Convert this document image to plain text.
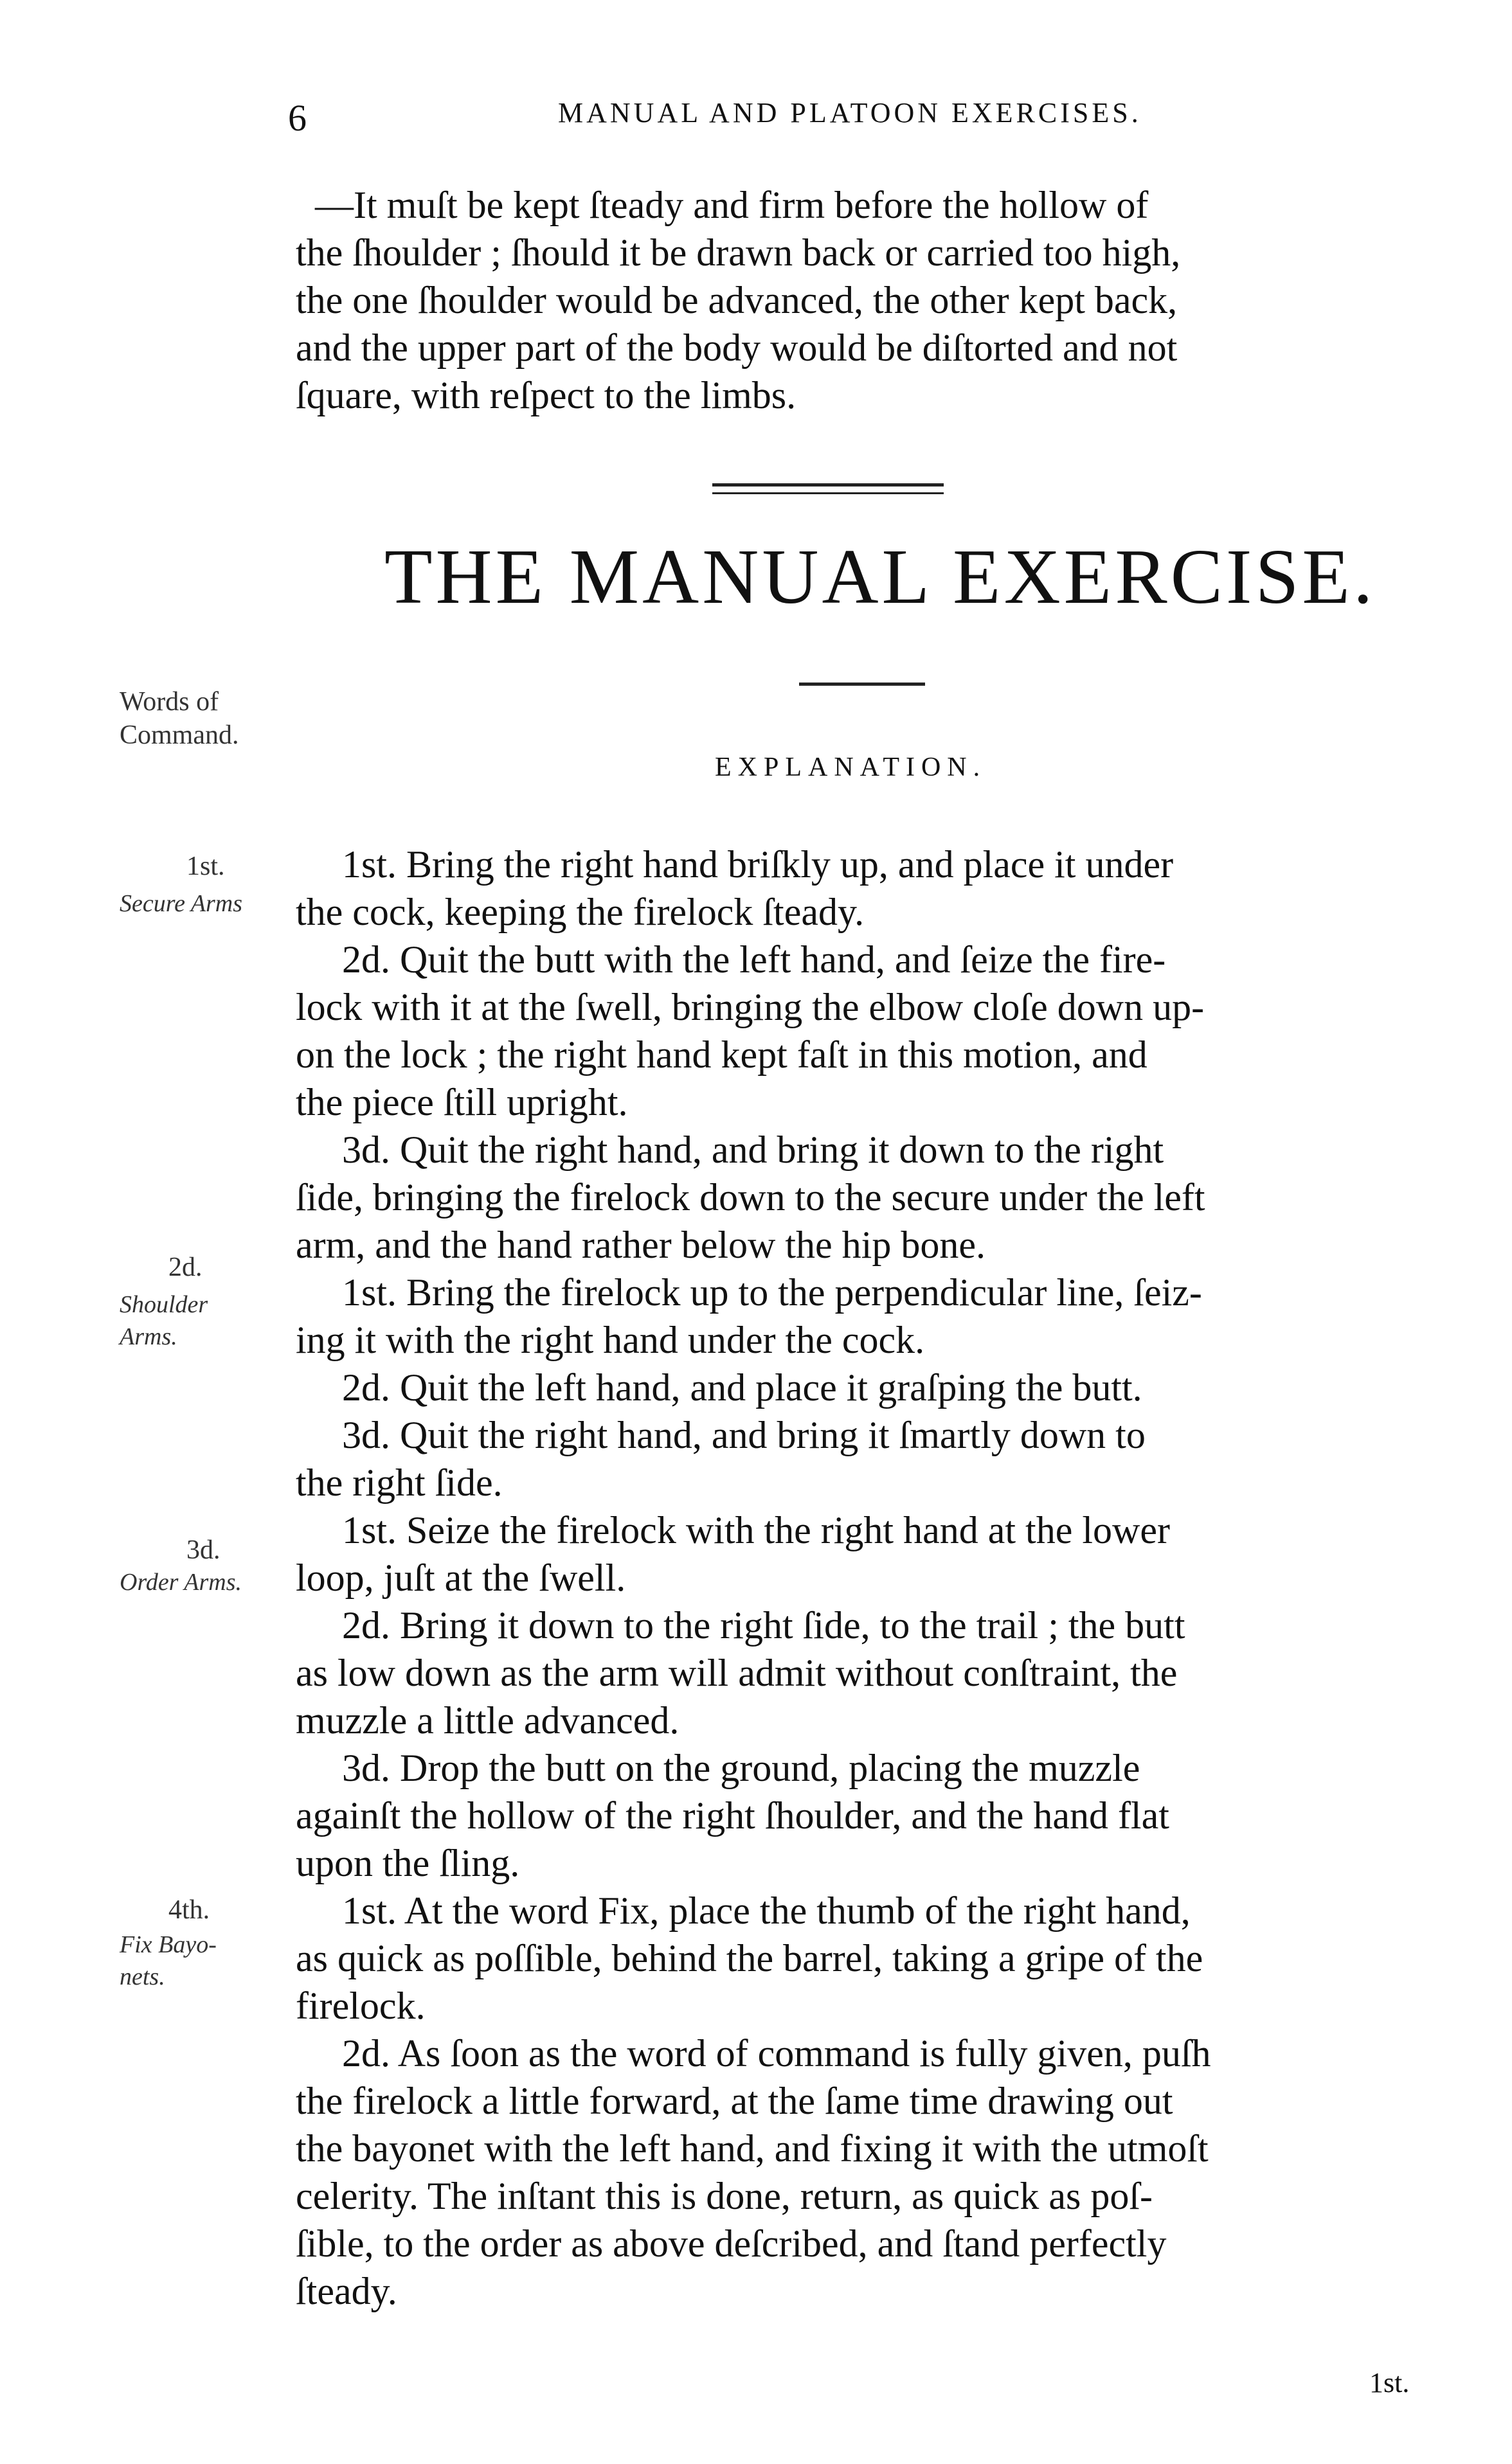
6	MANUAL AND PLATOON EXERCISES.
—It muſt be kept ſteady and firm before the hollow of
the ſhoulder ; ſhould it be drawn back or carried too high,
the one ſhoulder would be advanced, the other kept back,
and the upper part of the body would be diſtorted and not
ſquare, with reſpect to the limbs.
THE MANUAL EXERCISE.
Words of
Command.
EXPLANATION.
1st.
Secure Arms
2d.
Shoulder
Arms.
3d.
Order Arms.
4th.
Fix Bayo-
nets.
1st. Bring the right hand briſkly up, and place it under
the cock, keeping the firelock ſteady.
2d. Quit the butt with the left hand, and ſeize the fire-
lock with it at the ſwell, bringing the elbow cloſe down up-
on the lock ; the right hand kept faſt in this motion, and
the piece ſtill upright.
3d. Quit the right hand, and bring it down to the right
ſide, bringing the firelock down to the secure under the left
arm, and the hand rather below the hip bone.
1st. Bring the firelock up to the perpendicular line, ſeiz-
ing it with the right hand under the cock.
2d. Quit the left hand, and place it graſping the butt.
3d. Quit the right hand, and bring it ſmartly down to
the right ſide.
1st. Seize the firelock with the right hand at the lower
loop, juſt at the ſwell.
2d. Bring it down to the right ſide, to the trail ; the butt
as low down as the arm will admit without conſtraint, the
muzzle a little advanced.
3d. Drop the butt on the ground, placing the muzzle
againſt the hollow of the right ſhoulder, and the hand flat
upon the ſling.
1st. At the word Fix, place the thumb of the right hand,
as quick as poſſible, behind the barrel, taking a gripe of the
firelock.
2d. As ſoon as the word of command is fully given, puſh
the firelock a little forward, at the ſame time drawing out
the bayonet with the left hand, and fixing it with the utmoſt
celerity. The inſtant this is done, return, as quick as poſ-
ſible, to the order as above deſcribed, and ſtand perfectly
ſteady.
1st.
